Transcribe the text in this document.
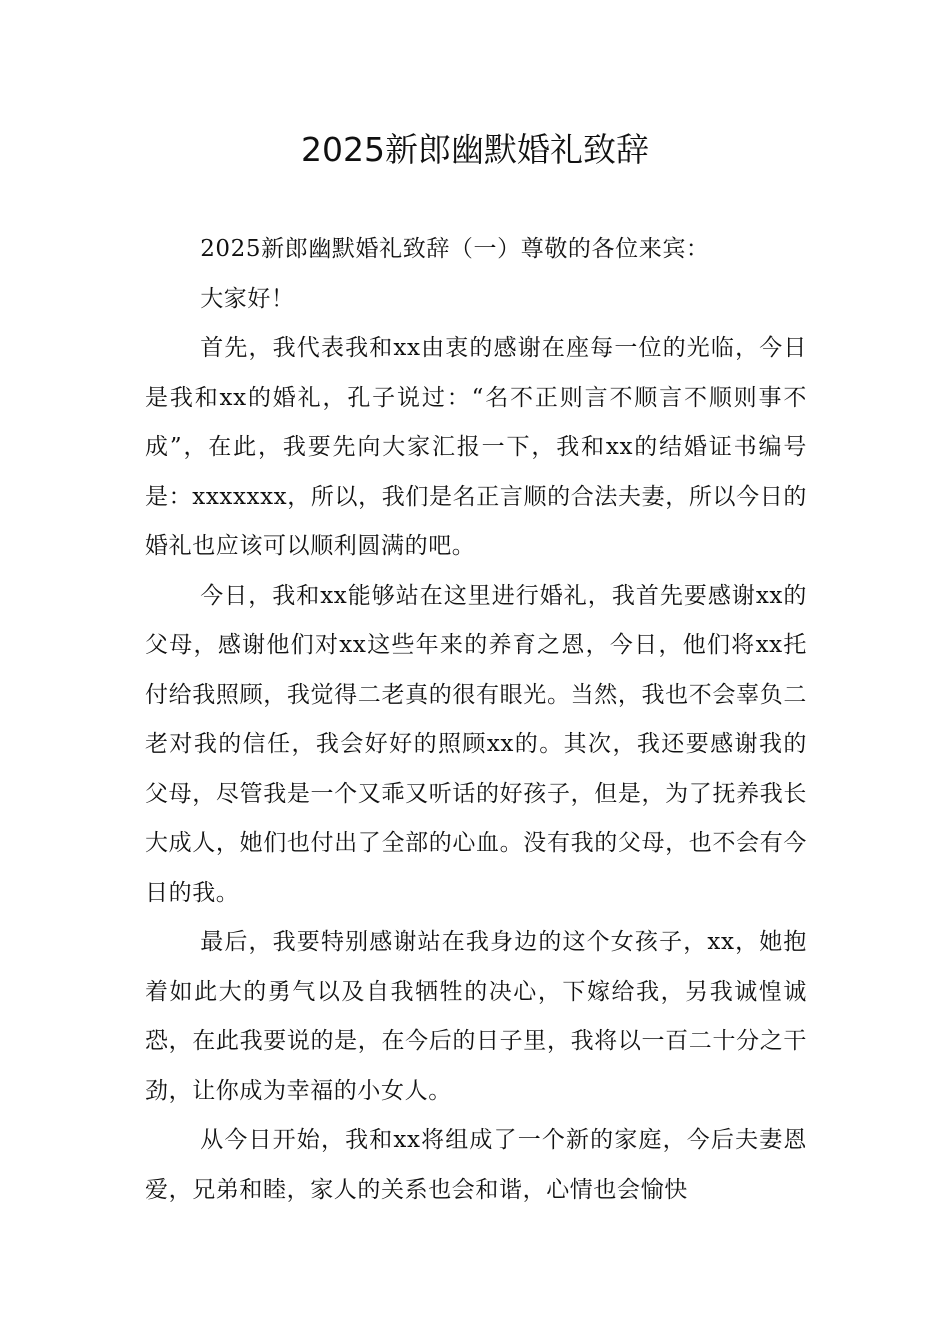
2025新郎幽默婚礼致辞

2025新郎幽默婚礼致辞（一）尊敬的各位来宾：

大家好！

首先，我代表我和xx由衷的感谢在座每一位的光临，今日是我和xx的婚礼，孔子说过：“名不正则言不顺言不顺则事不成”，在此，我要先向大家汇报一下，我和xx的结婚证书编号是：xxxxxxx，所以，我们是名正言顺的合法夫妻，所以今日的婚礼也应该可以顺利圆满的吧。

今日，我和xx能够站在这里进行婚礼，我首先要感谢xx的父母，感谢他们对xx这些年来的养育之恩，今日，他们将xx托付给我照顾，我觉得二老真的很有眼光。当然，我也不会辜负二老对我的信任，我会好好的照顾xx的。其次，我还要感谢我的父母，尽管我是一个又乖又听话的好孩子，但是，为了抚养我长大成人，她们也付出了全部的心血。没有我的父母，也不会有今日的我。

最后，我要特别感谢站在我身边的这个女孩子，xx，她抱着如此大的勇气以及自我牺牲的决心，下嫁给我，另我诚惶诚恐，在此我要说的是，在今后的日子里，我将以一百二十分之干劲，让你成为幸福的小女人。

从今日开始，我和xx将组成了一个新的家庭，今后夫妻恩爱，兄弟和睦，家人的关系也会和谐，心情也会愉快
